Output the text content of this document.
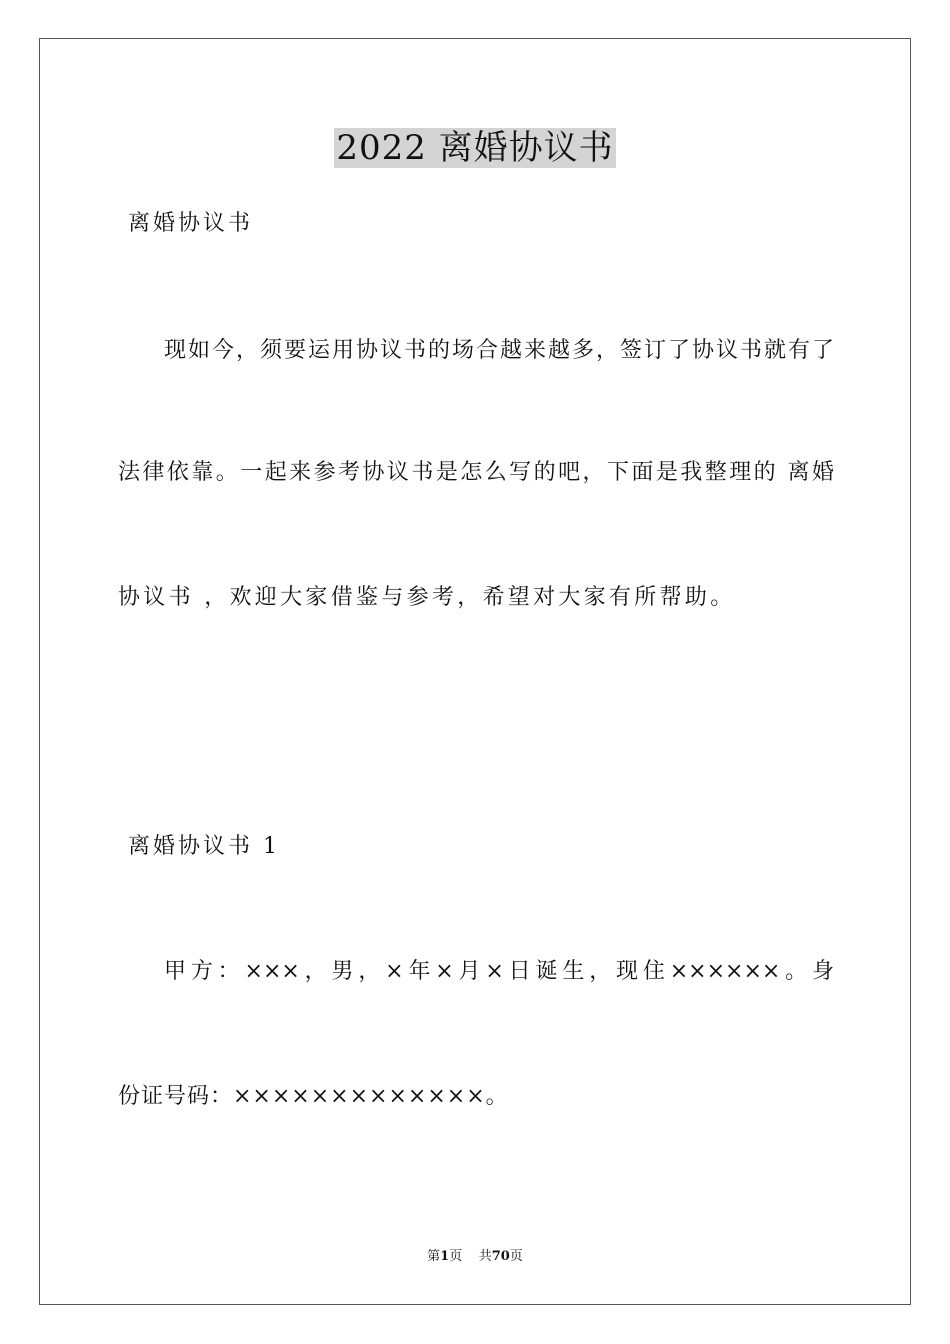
2022 离婚协议书
离婚协议书
现如今，须要运用协议书的场合越来越多，签订了协议书就有了
法律依靠。一起来参考协议书是怎么写的吧，下面是我整理的 离婚
协议书 ，欢迎大家借鉴与参考，希望对大家有所帮助。
离婚协议书 1
甲方：×××，男，×年×月×日诞生，现住××××××。身
份证号码：×××××××××××××。
第1页 共70页
